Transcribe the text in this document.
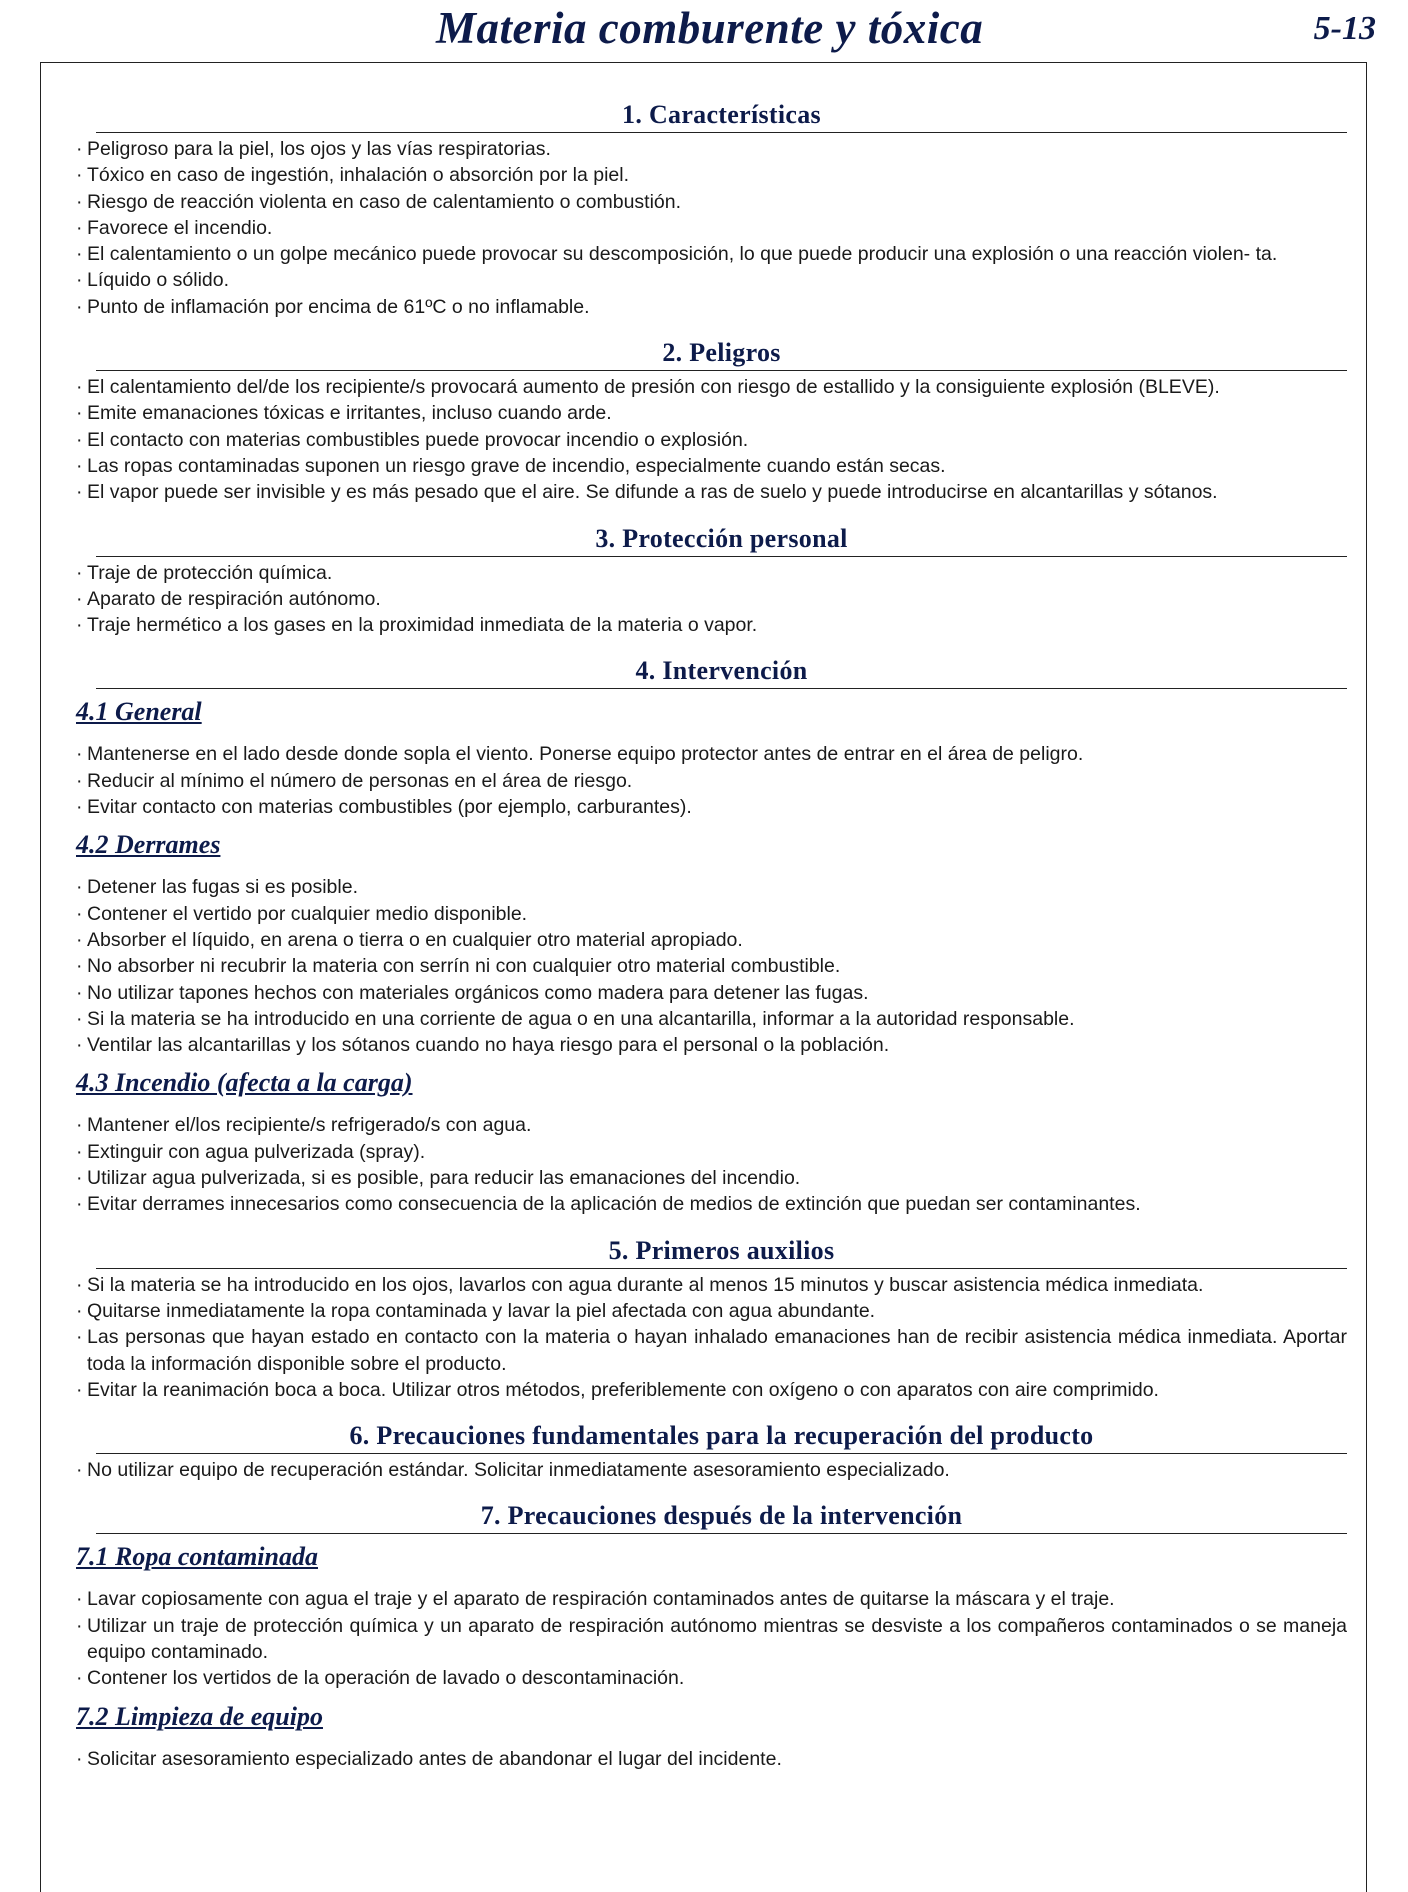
Materia comburente y tóxica	5-13
1. Características
· Peligroso para la piel, los ojos y las vías respiratorias.
· Tóxico en caso de ingestión, inhalación o absorción por la piel.
· Riesgo de reacción violenta en caso de calentamiento o combustión.
· Favorece el incendio.
· El calentamiento o un golpe mecánico puede provocar su descomposición, lo que puede producir una explosión o una reacción violen- ta.
· Líquido o sólido.
· Punto de inflamación por encima de 61ºC o no inflamable.
2. Peligros
· El calentamiento del/de los recipiente/s provocará aumento de presión con riesgo de estallido y la consiguiente explosión (BLEVE).
· Emite emanaciones tóxicas e irritantes, incluso cuando arde.
· El contacto con materias combustibles puede provocar incendio o explosión.
· Las ropas contaminadas suponen un riesgo grave de incendio, especialmente cuando están secas.
· El vapor puede ser invisible y es más pesado que el aire. Se difunde a ras de suelo y puede introducirse en alcantarillas y sótanos.
3. Protección personal
· Traje de protección química.
· Aparato de respiración autónomo.
· Traje hermético a los gases en la proximidad inmediata de la materia o vapor.
4. Intervención
4.1 General
· Mantenerse en el lado desde donde sopla el viento. Ponerse equipo protector antes de entrar en el área de peligro.
· Reducir al mínimo el número de personas en el área de riesgo.
· Evitar contacto con materias combustibles (por ejemplo, carburantes).
4.2 Derrames
· Detener las fugas si es posible.
· Contener el vertido por cualquier medio disponible.
· Absorber el líquido, en arena o tierra o en cualquier otro material apropiado.
· No absorber ni recubrir la materia con serrín ni con cualquier otro material combustible.
· No utilizar tapones hechos con materiales orgánicos como madera para detener las fugas.
· Si la materia se ha introducido en una corriente de agua o en una alcantarilla, informar a la autoridad responsable.
· Ventilar las alcantarillas y los sótanos cuando no haya riesgo para el personal o la población.
4.3 Incendio (afecta a la carga)
· Mantener el/los recipiente/s refrigerado/s con agua.
· Extinguir con agua pulverizada (spray).
· Utilizar agua pulverizada, si es posible, para reducir las emanaciones del incendio.
· Evitar derrames innecesarios como consecuencia de la aplicación de medios de extinción que puedan ser contaminantes.
5. Primeros auxilios
· Si la materia se ha introducido en los ojos, lavarlos con agua durante al menos 15 minutos y buscar asistencia médica inmediata.
· Quitarse inmediatamente la ropa contaminada y lavar la piel afectada con agua abundante.
· Las personas que hayan estado en contacto con la materia o hayan inhalado emanaciones han de recibir asistencia médica inmediata. Aportar toda la información disponible sobre el producto.
· Evitar la reanimación boca a boca. Utilizar otros métodos, preferiblemente con oxígeno o con aparatos con aire comprimido.
6. Precauciones fundamentales para la recuperación del producto
· No utilizar equipo de recuperación estándar. Solicitar inmediatamente asesoramiento especializado.
7. Precauciones después de la intervención
7.1 Ropa contaminada
· Lavar copiosamente con agua el traje y el aparato de respiración contaminados antes de quitarse la máscara y el traje.
· Utilizar un traje de protección química y un aparato de respiración autónomo mientras se desviste a los compañeros contaminados o se maneja equipo contaminado.
· Contener los vertidos de la operación de lavado o descontaminación.
7.2 Limpieza de equipo
· Solicitar asesoramiento especializado antes de abandonar el lugar del incidente.
